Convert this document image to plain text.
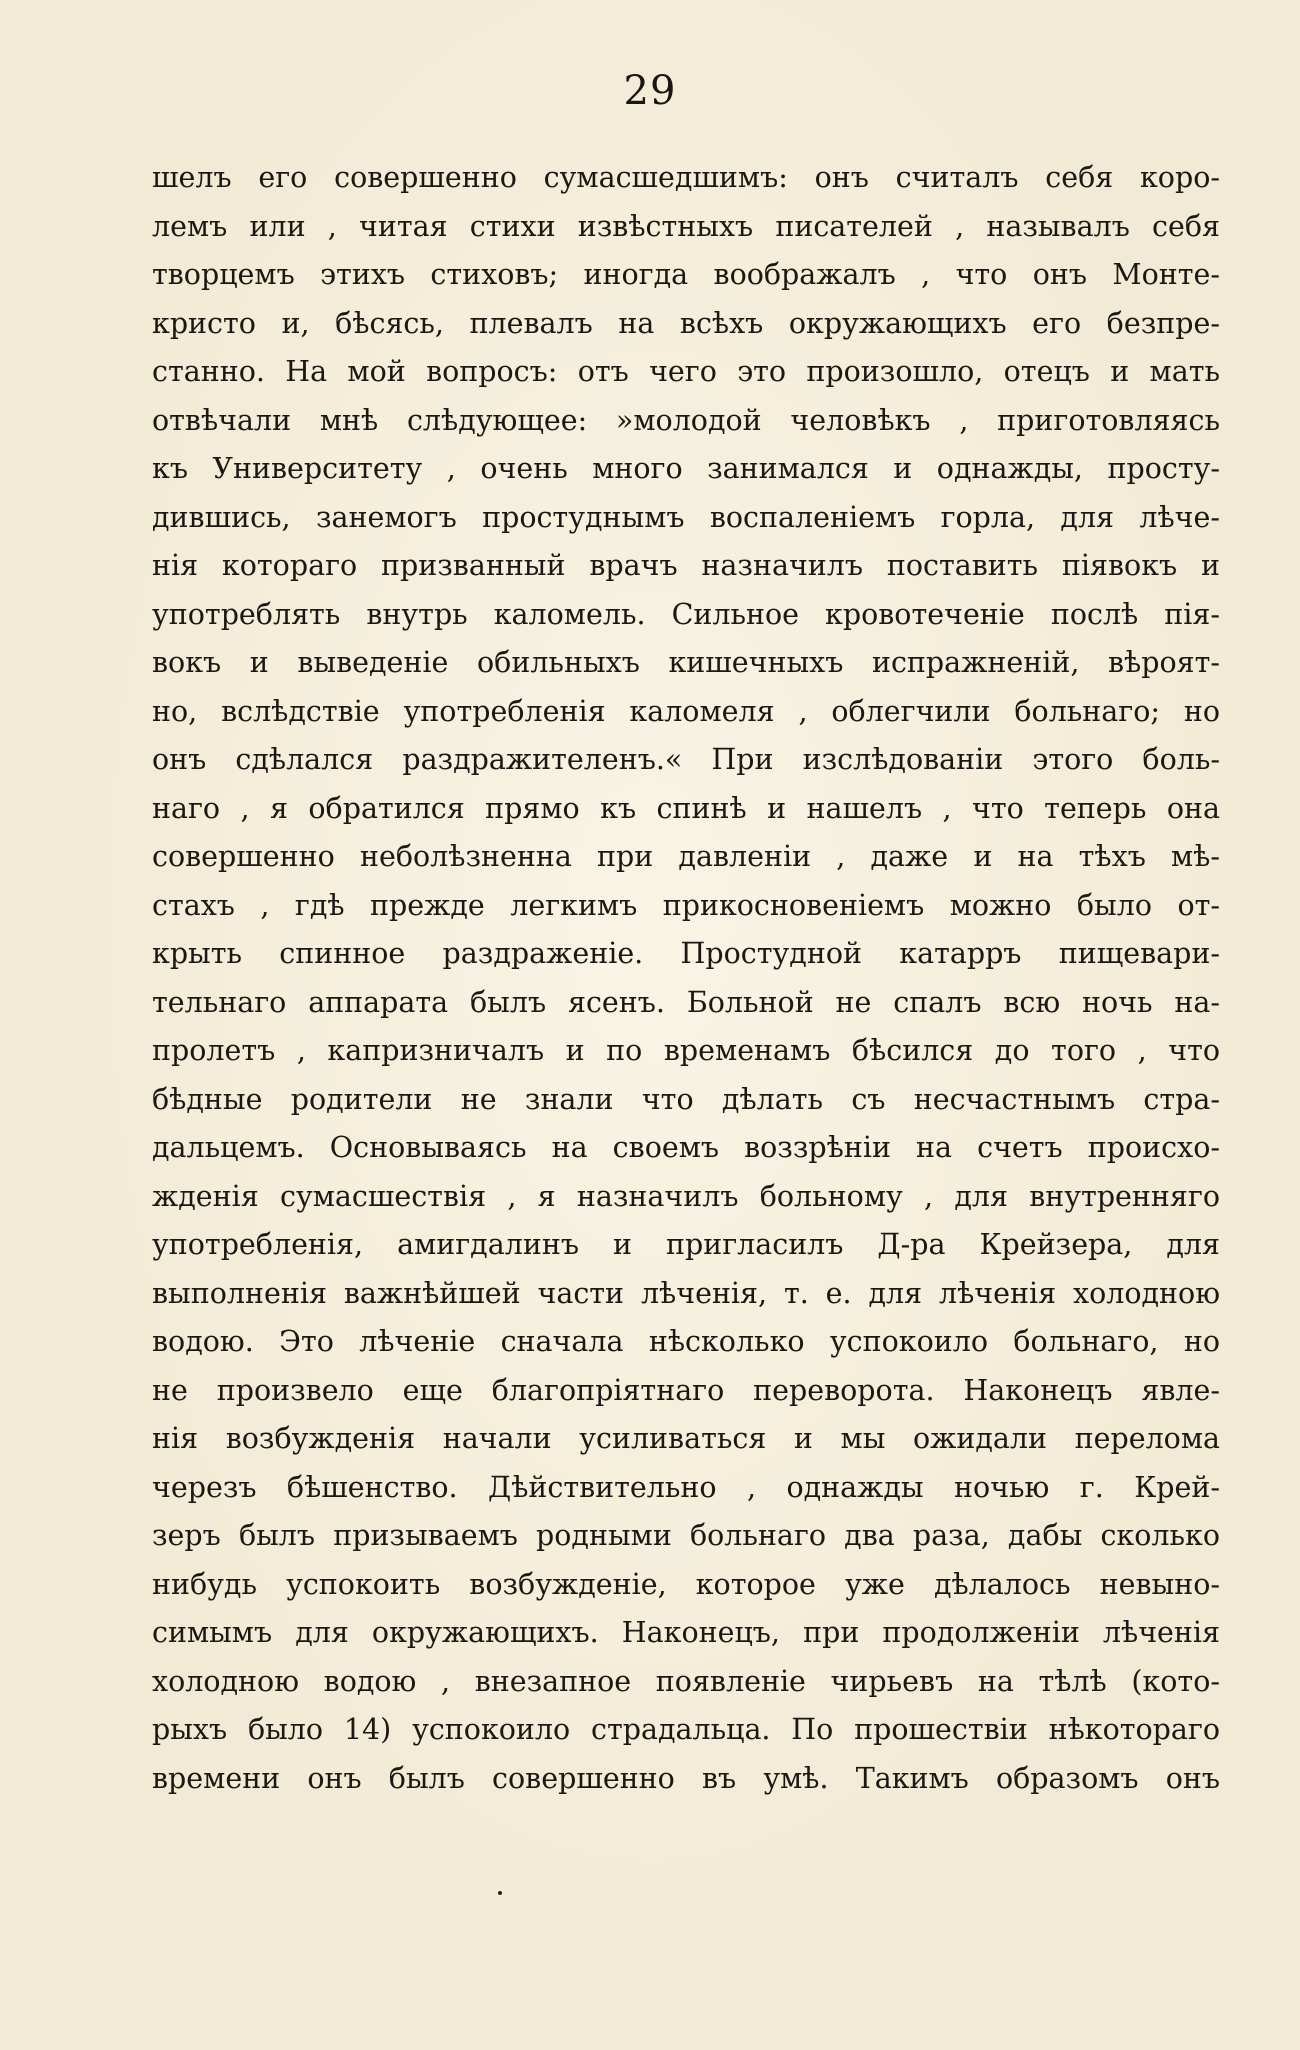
29
шелъ его совершенно сумасшедшимъ: онъ считалъ себя коро-
лемъ или , читая стихи извѣстныхъ писателей , называлъ себя
творцемъ этихъ стиховъ; иногда воображалъ , что онъ Монте-
кристо и, бѣсясь, плевалъ на всѣхъ окружающихъ его безпре-
станно. На мой вопросъ: отъ чего это произошло, отецъ и мать
отвѣчали мнѣ слѣдующее: »молодой человѣкъ , приготовляясь
къ Университету , очень много занимался и однажды, просту-
дившись, занемогъ простуднымъ воспаленiемъ горла, для лѣче-
нiя котораго призванный врачъ назначилъ поставить пiявокъ и
употреблять внутрь каломель. Сильное кровотеченiе послѣ пiя-
вокъ и выведенiе обильныхъ кишечныхъ испражненiй, вѣроят-
но, вслѣдствiе употребленiя каломеля , облегчили больнаго; но
онъ сдѣлался раздражителенъ.« При изслѣдованiи этого боль-
наго , я обратился прямо къ спинѣ и нашелъ , что теперь она
совершенно неболѣзненна при давленiи , даже и на тѣхъ мѣ-
стахъ , гдѣ прежде легкимъ прикосновенiемъ можно было от-
крыть спинное раздраженiе. Простудной катарръ пищевари-
тельнаго аппарата былъ ясенъ. Больной не спалъ всю ночь на-
пролетъ , капризничалъ и по временамъ бѣсился до того , что
бѣдные родители не знали что дѣлать съ несчастнымъ стра-
дальцемъ. Основываясь на своемъ воззрѣнiи на счетъ происхо-
жденiя сумасшествiя , я назначилъ больному , для внутренняго
употребленiя, амигдалинъ и пригласилъ Д-ра Крейзера, для
выполненiя важнѣйшей части лѣченiя, т. е. для лѣченiя холодною
водою. Это лѣченiе сначала нѣсколько успокоило больнаго, но
не произвело еще благопрiятнаго переворота. Наконецъ явле-
нiя возбужденiя начали усиливаться и мы ожидали перелома
черезъ бѣшенство. Дѣйствительно , однажды ночью г. Крей-
зеръ былъ призываемъ родными больнаго два раза, дабы сколько
нибудь успокоить возбужденiе, которое уже дѣлалось невыно-
симымъ для окружающихъ. Наконецъ, при продолженiи лѣченiя
холодною водою , внезапное появленiе чирьевъ на тѣлѣ (кото-
рыхъ было 14) успокоило страдальца. По прошествiи нѣкотораго
времени онъ былъ совершенно въ умѣ. Такимъ образомъ онъ
